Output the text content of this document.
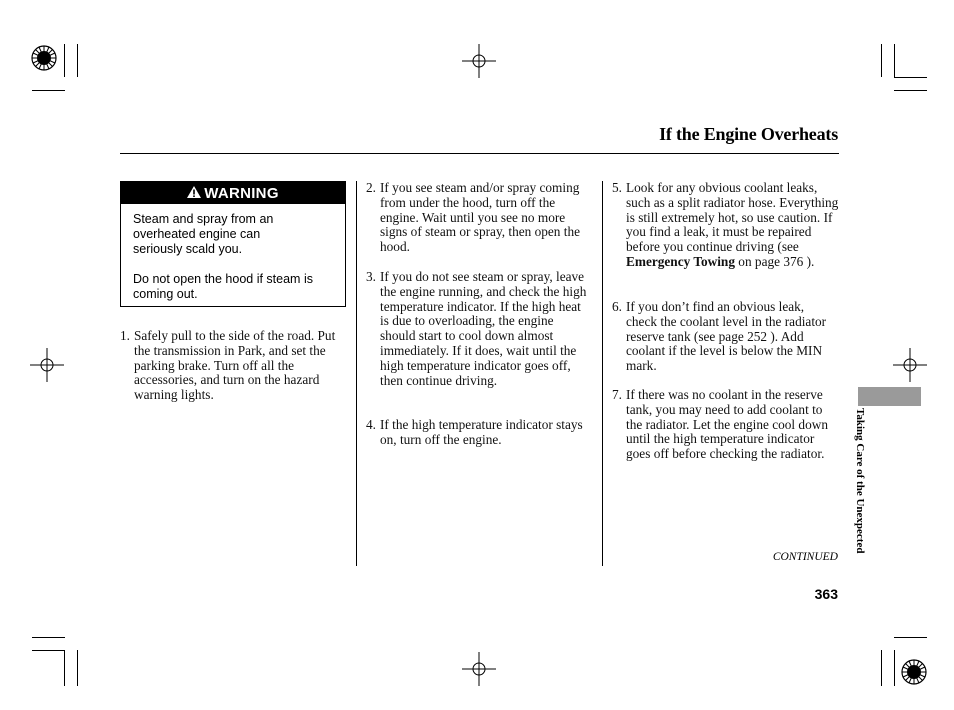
If the Engine Overheats
WARNING

Steam and spray from an overheated engine can seriously scald you.

Do not open the hood if steam is coming out.

1. Safely pull to the side of the road. Put the transmission in Park, and set the parking brake. Turn off all the accessories, and turn on the hazard warning lights.
2. If you see steam and/or spray coming from under the hood, turn off the engine. Wait until you see no more signs of steam or spray, then open the hood.
3. If you do not see steam or spray, leave the engine running, and check the high temperature indicator. If the high heat is due to overloading, the engine should start to cool down almost immediately. If it does, wait until the high temperature indicator goes off, then continue driving.
4. If the high temperature indicator stays on, turn off the engine.
5. Look for any obvious coolant leaks, such as a split radiator hose. Everything is still extremely hot, so use caution. If you find a leak, it must be repaired before you continue driving (see Emergency Towing on page 376 ).
6. If you don’t find an obvious leak, check the coolant level in the radiator reserve tank (see page 252 ). Add coolant if the level is below the MIN mark.
7. If there was no coolant in the reserve tank, you may need to add coolant to the radiator. Let the engine cool down until the high temperature indicator goes off before checking the radiator.
CONTINUED
363
Taking Care of the Unexpected
